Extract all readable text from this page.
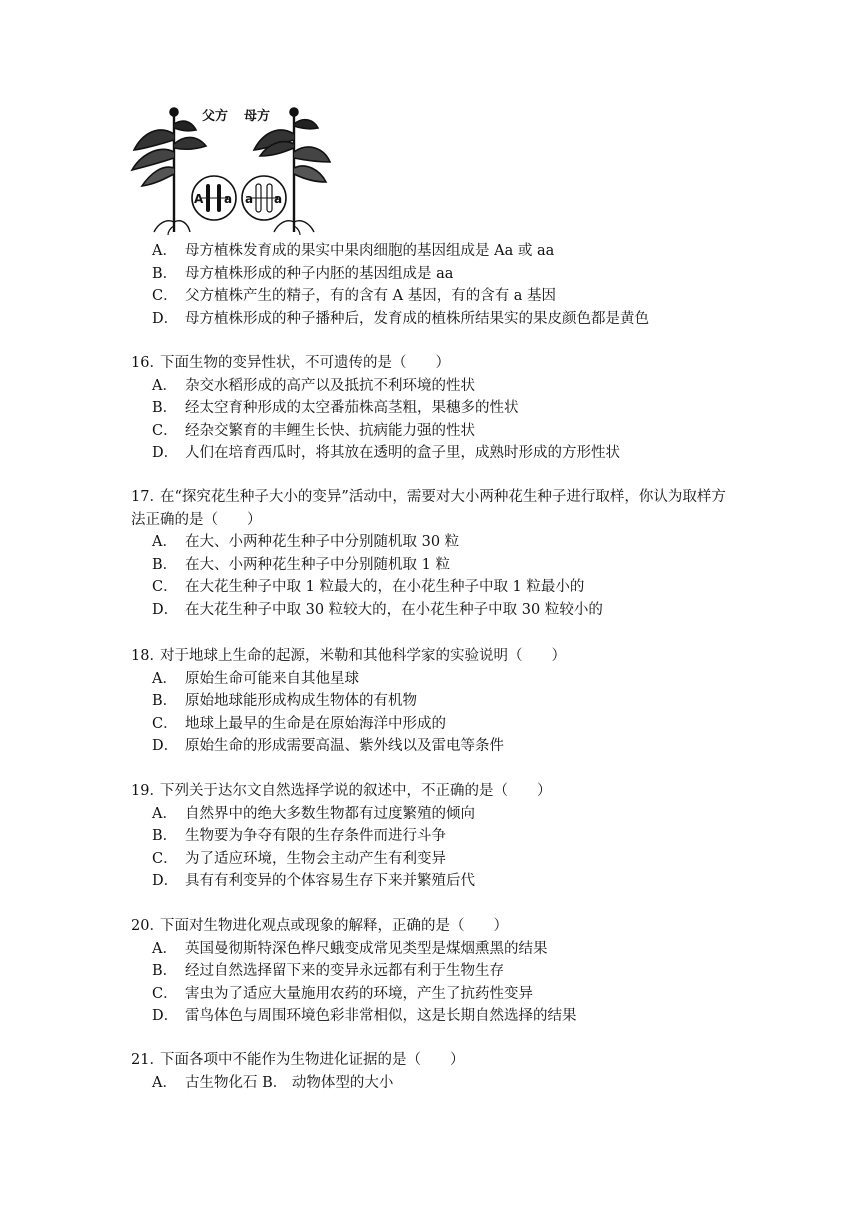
父方 母方
A a a a
A． 母方植株发育成的果实中果肉细胞的基因组成是 Aa 或 aa
B． 母方植株形成的种子内胚的基因组成是 aa
C． 父方植株产生的精子，有的含有 A 基因，有的含有 a 基因
D． 母方植株形成的种子播种后，发育成的植株所结果实的果皮颜色都是黄色

16．下面生物的变异性状，不可遗传的是（　　）

A． 杂交水稻形成的高产以及抵抗不利环境的性状
B． 经太空育种形成的太空番茄株高茎粗，果穗多的性状
C． 经杂交繁育的丰鲤生长快、抗病能力强的性状
D． 人们在培育西瓜时，将其放在透明的盒子里，成熟时形成的方形性状

17．在“探究花生种子大小的变异”活动中，需要对大小两种花生种子进行取样，你认为取样方法正确的是（　　）

A． 在大、小两种花生种子中分别随机取 30 粒
B． 在大、小两种花生种子中分别随机取 1 粒
C． 在大花生种子中取 1 粒最大的，在小花生种子中取 1 粒最小的
D． 在大花生种子中取 30 粒较大的，在小花生种子中取 30 粒较小的

18．对于地球上生命的起源，米勒和其他科学家的实验说明（　　）

A． 原始生命可能来自其他星球
B． 原始地球能形成构成生物体的有机物
C． 地球上最早的生命是在原始海洋中形成的
D． 原始生命的形成需要高温、紫外线以及雷电等条件

19．下列关于达尔文自然选择学说的叙述中，不正确的是（　　）

A． 自然界中的绝大多数生物都有过度繁殖的倾向
B． 生物要为争夺有限的生存条件而进行斗争
C． 为了适应环境，生物会主动产生有利变异
D． 具有有利变异的个体容易生存下来并繁殖后代

20．下面对生物进化观点或现象的解释，正确的是（　　）

A． 英国曼彻斯特深色桦尺蛾变成常见类型是煤烟熏黑的结果
B． 经过自然选择留下来的变异永远都有利于生物生存
C． 害虫为了适应大量施用农药的环境，产生了抗药性变异
D． 雷鸟体色与周围环境色彩非常相似，这是长期自然选择的结果

21．下面各项中不能作为生物进化证据的是（　　）

A． 古生物化石 B． 动物体型的大小
